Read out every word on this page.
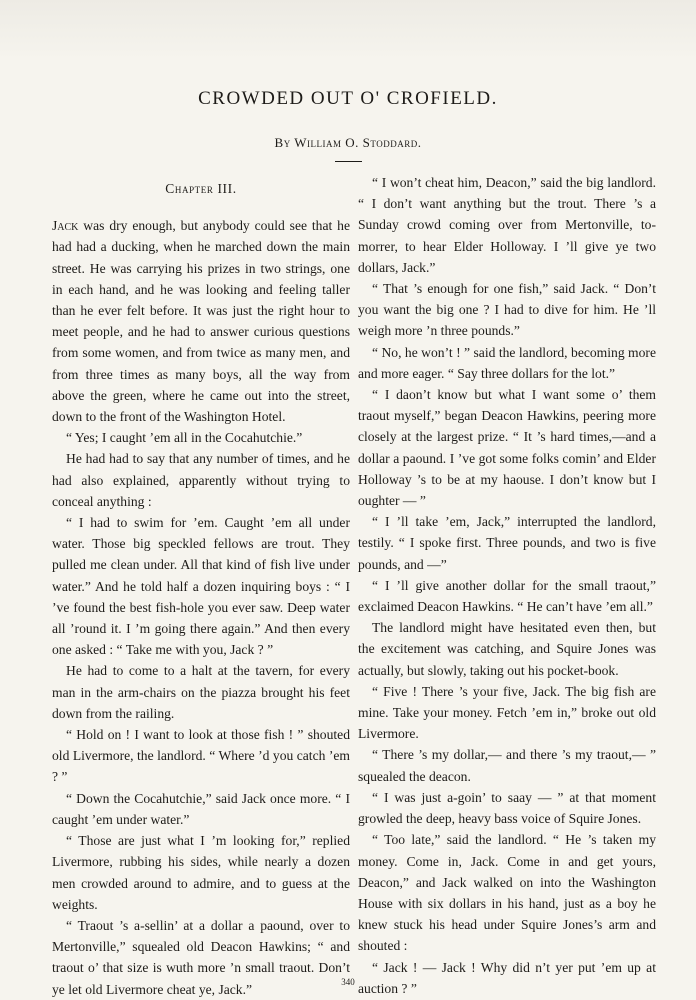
CROWDED OUT O' CROFIELD.
By William O. Stoddard.
Chapter III.

Jack was dry enough, but anybody could see that he had had a ducking, when he marched down the main street. He was carrying his prizes in two strings, one in each hand, and he was looking and feeling taller than he ever felt before. It was just the right hour to meet people, and he had to answer curious questions from some women, and from twice as many men, and from three times as many boys, all the way from above the green, where he came out into the street, down to the front of the Washington Hotel.

“ Yes; I caught ’em all in the Cocahutchie.”

He had had to say that any number of times, and he had also explained, apparently without trying to conceal anything :

“ I had to swim for ’em. Caught ’em all under water. Those big speckled fellows are trout. They pulled me clean under. All that kind of fish live under water.” And he told half a dozen inquiring boys : “ I ’ve found the best fish-hole you ever saw. Deep water all ’round it. I ’m going there again.” And then every one asked : “ Take me with you, Jack ? ”

He had to come to a halt at the tavern, for every man in the arm-chairs on the piazza brought his feet down from the railing.

“ Hold on ! I want to look at those fish ! ” shouted old Livermore, the landlord. “ Where ’d you catch ’em ? ”

“ Down the Cocahutchie,” said Jack once more. “ I caught ’em under water.”

“ Those are just what I ’m looking for,” replied Livermore, rubbing his sides, while nearly a dozen men crowded around to admire, and to guess at the weights.

“ Traout ’s a-sellin’ at a dollar a paound, over to Mertonville,” squealed old Deacon Hawkins; “ and traout o’ that size is wuth more ’n small traout. Don’t ye let old Livermore cheat ye, Jack.”

“ I won’t cheat him, Deacon,” said the big landlord. “ I don’t want anything but the trout. There ’s a Sunday crowd coming over from Mertonville, to-morrer, to hear Elder Holloway. I ’ll give ye two dollars, Jack.”

“ That ’s enough for one fish,” said Jack. “ Don’t you want the big one ? I had to dive for him. He ’ll weigh more ’n three pounds.”

“ No, he won’t ! ” said the landlord, becoming more and more eager. “ Say three dollars for the lot.”

“ I daon’t know but what I want some o’ them traout myself,” began Deacon Hawkins, peering more closely at the largest prize. “ It ’s hard times,—and a dollar a paound. I ’ve got some folks comin’ and Elder Holloway ’s to be at my haouse. I don’t know but I oughter — ”

“ I ’ll take ’em, Jack,” interrupted the landlord, testily. “ I spoke first. Three pounds, and two is five pounds, and —”

“ I ’ll give another dollar for the small traout,” exclaimed Deacon Hawkins. “ He can’t have ’em all.”

The landlord might have hesitated even then, but the excitement was catching, and Squire Jones was actually, but slowly, taking out his pocket-book.

“ Five ! There ’s your five, Jack. The big fish are mine. Take your money. Fetch ’em in,” broke out old Livermore.

“ There ’s my dollar,— and there ’s my traout,— ” squealed the deacon.

“ I was just a-goin’ to saay — ” at that moment growled the deep, heavy bass voice of Squire Jones.

“ Too late,” said the landlord. “ He ’s taken my money. Come in, Jack. Come in and get yours, Deacon,” and Jack walked on into the Washington House with six dollars in his hand, just as a boy he knew stuck his head under Squire Jones’s arm and shouted :

“ Jack ! — Jack ! Why did n’t yer put ’em up at auction ? ”

340
